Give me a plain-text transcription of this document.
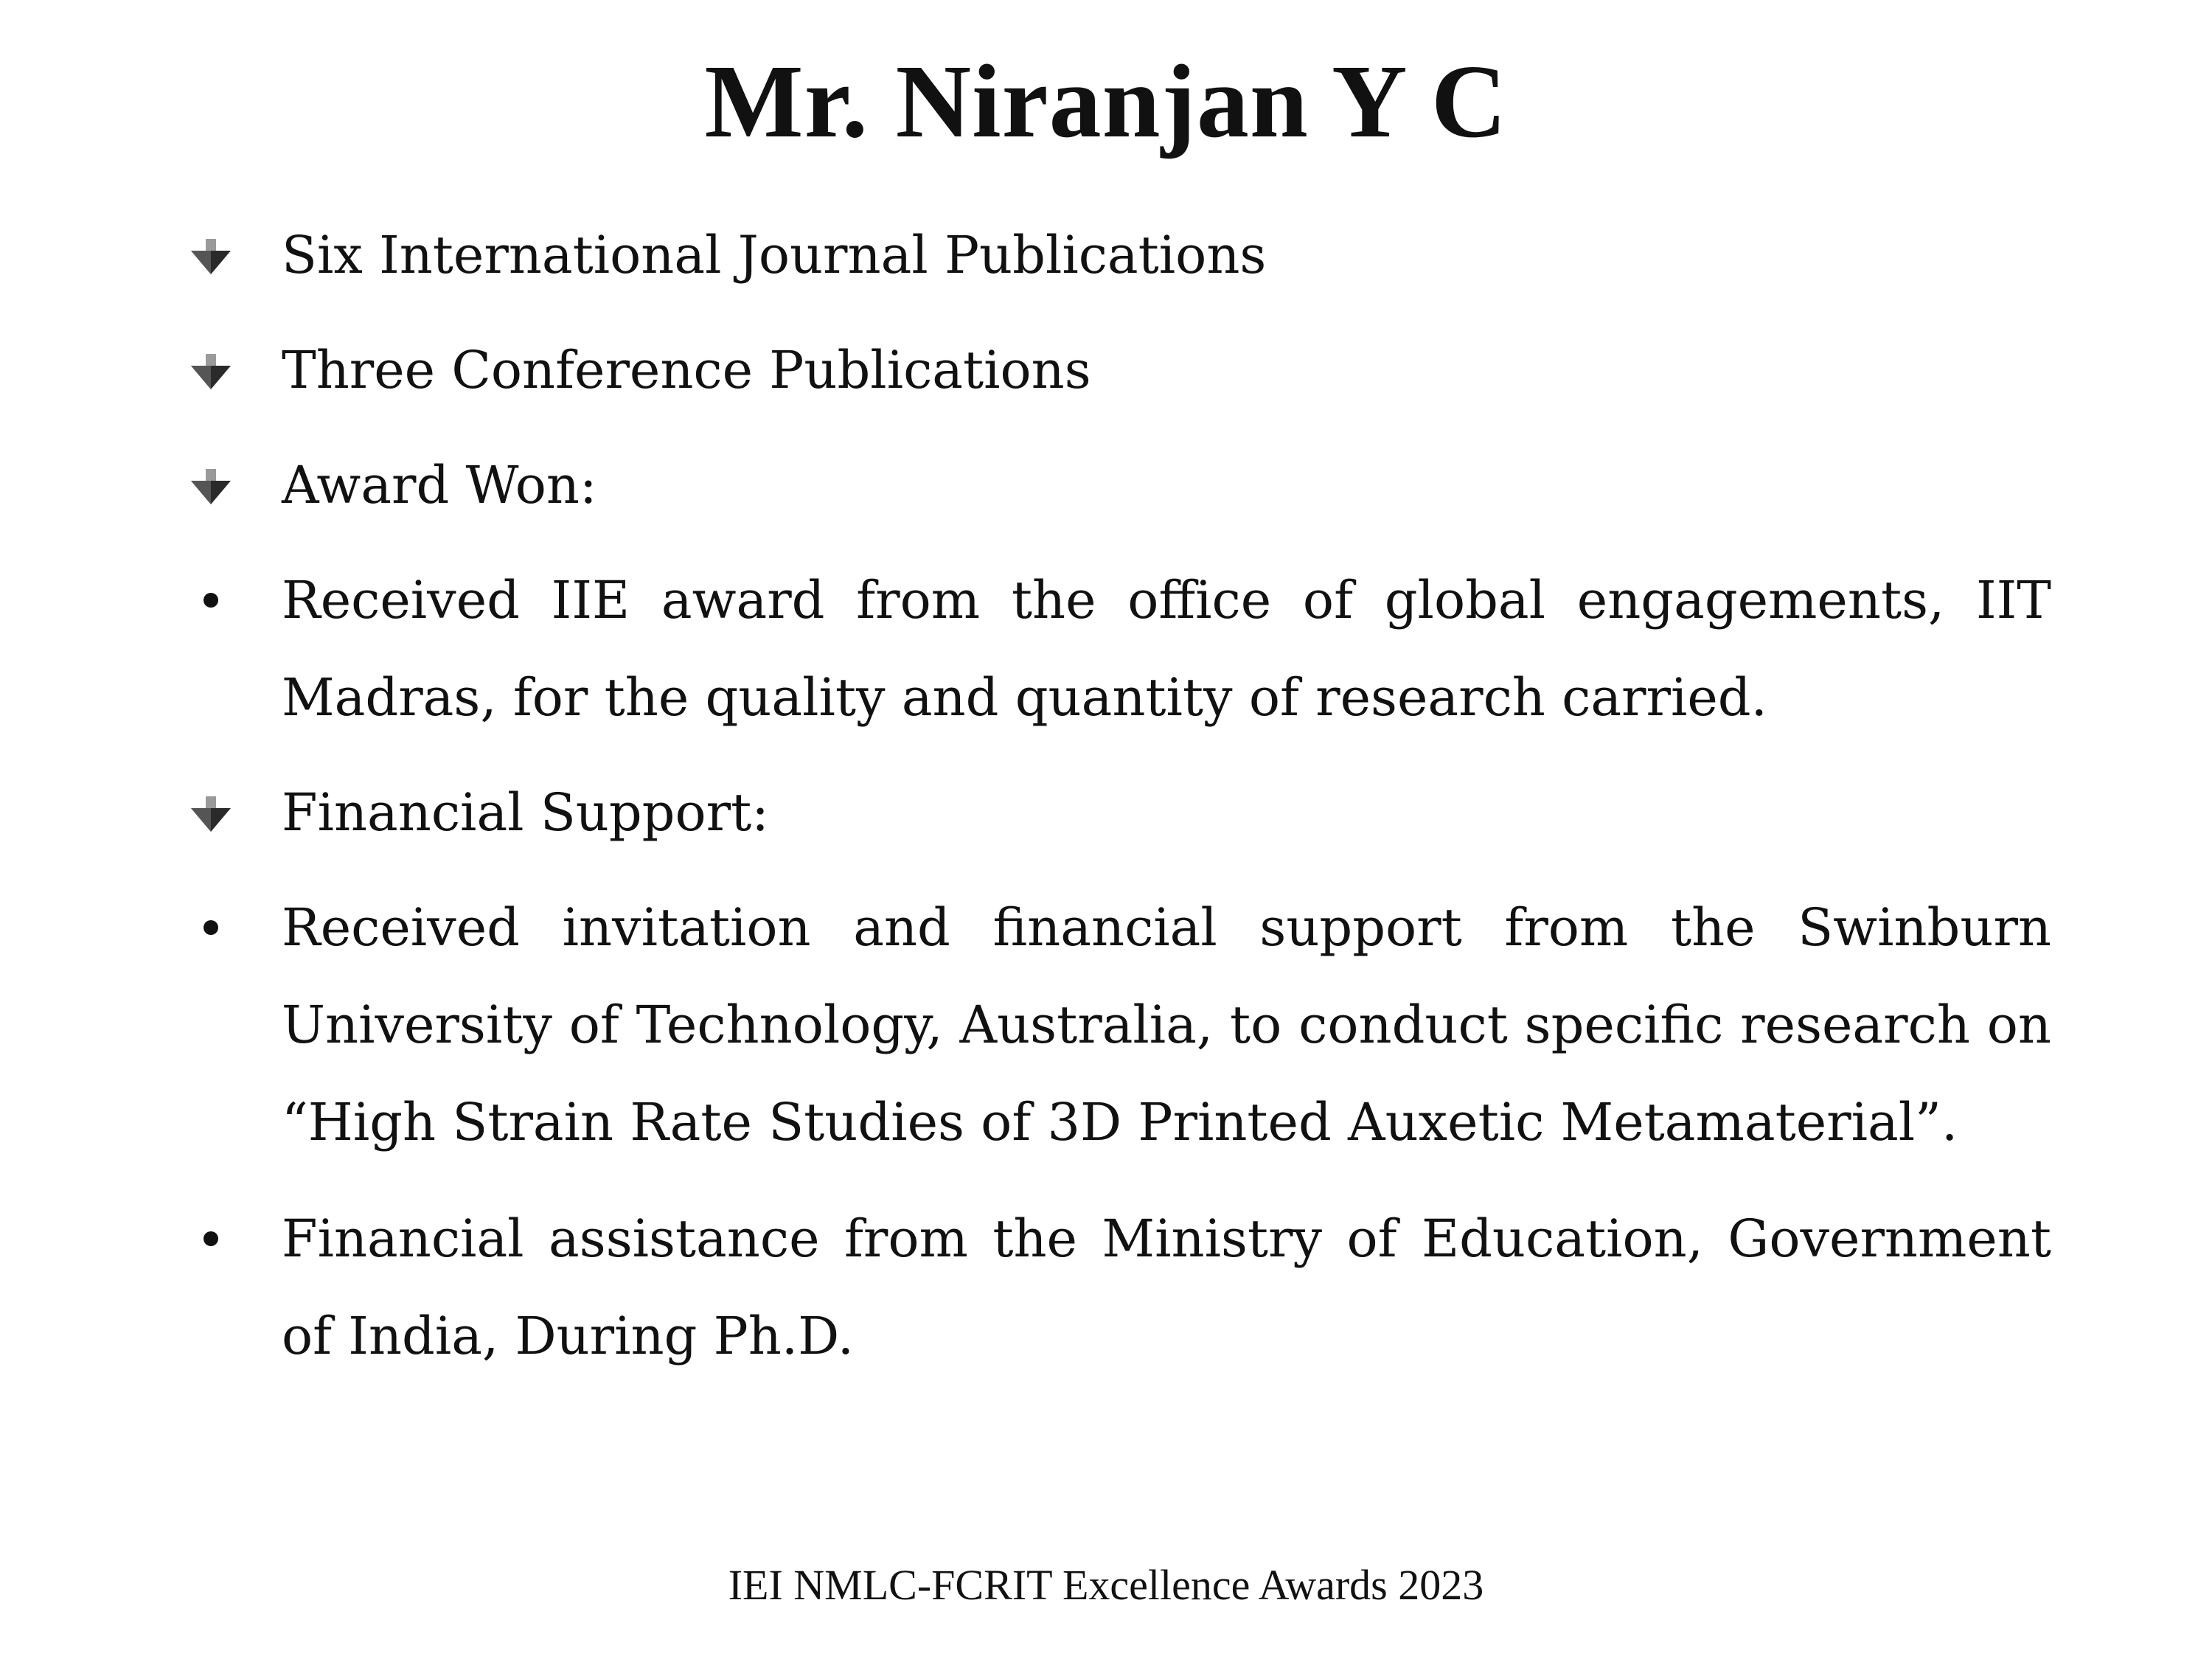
Mr. Niranjan Y C
Six International Journal Publications
Three Conference Publications
Award Won:
Received IIE award from the office of global engagements, IIT Madras, for the quality and quantity of research carried.
Financial Support:
Received invitation and financial support from the Swinburn University of Technology, Australia, to conduct specific research on “High Strain Rate Studies of 3D Printed Auxetic Metamaterial”.
Financial assistance from the Ministry of Education, Government of India, During Ph.D.
IEI NMLC-FCRIT Excellence Awards 2023
